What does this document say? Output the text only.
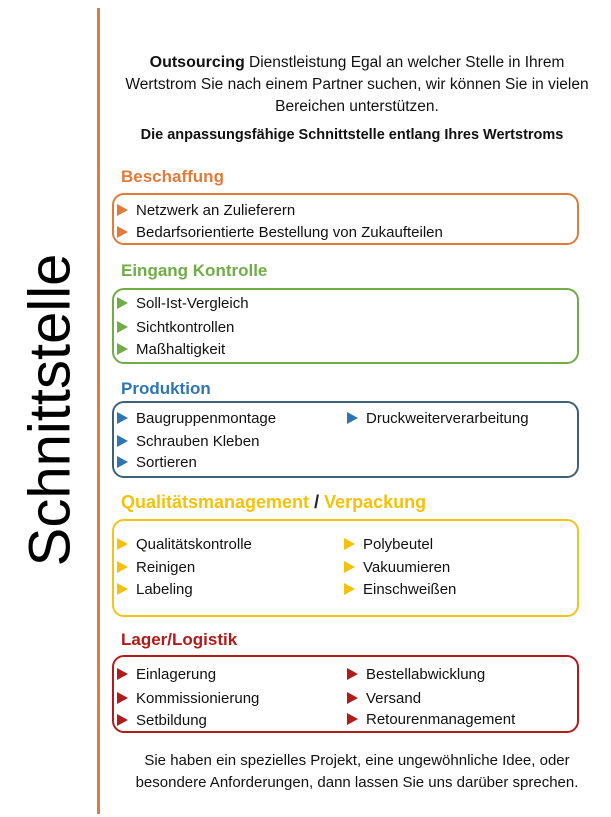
Schnittstelle
Outsourcing Dienstleistung Egal an welcher Stelle in Ihrem Wertstrom Sie nach einem Partner suchen, wir können Sie in vielen Bereichen unterstützen.
Die anpassungsfähige Schnittstelle entlang Ihres Wertstroms
Beschaffung
Netzwerk an Zulieferern
Bedarfsorientierte Bestellung von Zukaufteilen
Eingang Kontrolle
Soll-Ist-Vergleich
Sichtkontrollen
Maßhaltigkeit
Produktion
Baugruppenmontage
Schrauben Kleben
Sortieren
Druckweiterverarbeitung
Qualitätsmanagement / Verpackung
Qualitätskontrolle
Reinigen
Labeling
Polybeutel
Vakuumieren
Einschweißen
Lager/Logistik
Einlagerung
Kommissionierung
Setbildung
Bestellabwicklung
Versand
Retourenmanagement
Sie haben ein spezielles Projekt, eine ungewöhnliche Idee, oder besondere Anforderungen, dann lassen Sie uns darüber sprechen.
